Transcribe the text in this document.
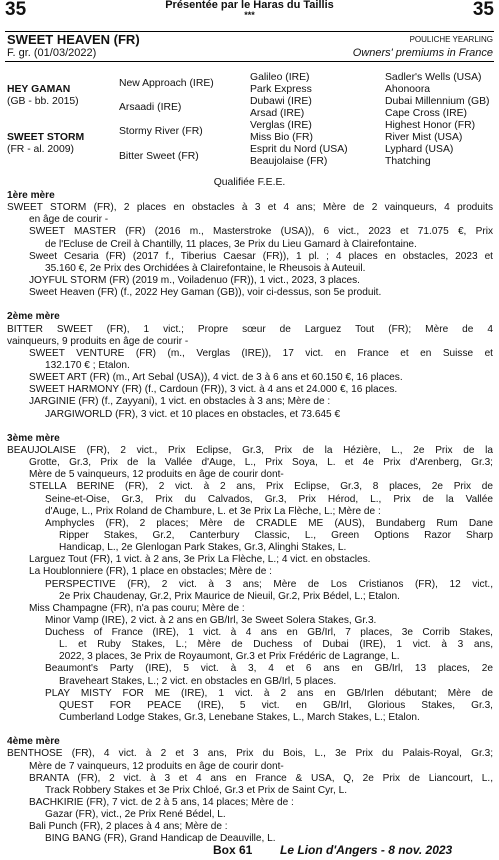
35	35
Présentée par le Haras du Taillis
***
SWEET HEAVEN (FR)
F. gr. (01/03/2022)
POULICHE YEARLING
Owners' premiums in France
HEY GAMAN
(GB - bb. 2015)
SWEET STORM
(FR - al. 2009)
New Approach (IRE)
Arsaadi (IRE)
Stormy River (FR)
Bitter Sweet (FR)
Galileo (IRE)
Park Express
Dubawi (IRE)
Arsad (IRE)
Verglas (IRE)
Miss Bio (FR)
Esprit du Nord (USA)
Beaujolaise (FR)
Sadler's Wells (USA)
Ahonoora
Dubai Millennium (GB)
Cape Cross (IRE)
Highest Honor (FR)
River Mist (USA)
Lyphard (USA)
Thatching
Qualifiée F.E.E.
1ère mère
SWEET STORM (FR), 2 places en obstacles à 3 et 4 ans; Mère de 2 vainqueurs, 4 produits
en âge de courir -
SWEET MASTER (FR) (2016 m., Masterstroke (USA)), 6 vict., 2023 et 71.075 €, Prix
de l'Ecluse de Creil à Chantilly, 11 places, 3e Prix du Lieu Gamard à Clairefontaine.
Sweet Cesaria (FR) (2017 f., Tiberius Caesar (FR)), 1 pl. ; 4 places en obstacles, 2023 et
35.160 €, 2e Prix des Orchidées à Clairefontaine, le Rheusois à Auteuil.
JOYFUL STORM (FR) (2019 m., Voiladenuo (FR)), 1 vict., 2023, 3 places.
Sweet Heaven (FR) (f., 2022 Hey Gaman (GB)), voir ci-dessus, son 5e produit.
2ème mère
BITTER SWEET (FR), 1 vict.; Propre sœur de Larguez Tout (FR); Mère de 4
vainqueurs, 9 produits en âge de courir -
SWEET VENTURE (FR) (m., Verglas (IRE)), 17 vict. en France et en Suisse et
132.170 € ; Etalon.
SWEET ART (FR) (m., Art Sebal (USA)), 4 vict. de 3 à 6 ans et 60.150 €, 16 places.
SWEET HARMONY (FR) (f., Cardoun (FR)), 3 vict. à 4 ans et 24.000 €, 16 places.
JARGINIE (FR) (f., Zayyani), 1 vict. en obstacles à 3 ans; Mère de :
JARGIWORLD (FR), 3 vict. et 10 places en obstacles, et 73.645 €
3ème mère
BEAUJOLAISE (FR), 2 vict., Prix Eclipse, Gr.3, Prix de la Hézière, L., 2e Prix de la
Grotte, Gr.3, Prix de la Vallée d'Auge, L., Prix Soya, L. et 4e Prix d'Arenberg, Gr.3;
Mère de 5 vainqueurs, 12 produits en âge de courir dont-
STELLA BERINE (FR), 2 vict. à 2 ans, Prix Eclipse, Gr.3, 8 places, 2e Prix de
Seine-et-Oise, Gr.3, Prix du Calvados, Gr.3, Prix Hérod, L., Prix de la Vallée
d'Auge, L., Prix Roland de Chambure, L. et 3e Prix La Flèche, L.; Mère de :
Amphycles (FR), 2 places; Mère de CRADLE ME (AUS), Bundaberg Rum Dane
Ripper Stakes, Gr.2, Canterbury Classic, L., Green Options Razor Sharp
Handicap, L., 2e Glenlogan Park Stakes, Gr.3, Alinghi Stakes, L.
Larguez Tout (FR), 1 vict. à 2 ans, 3e Prix La Flèche, L.; 4 vict. en obstacles.
La Houblonniere (FR), 1 place en obstacles; Mère de :
PERSPECTIVE (FR), 2 vict. à 3 ans; Mère de Los Cristianos (FR), 12 vict.,
2e Prix Chaudenay, Gr.2, Prix Maurice de Nieuil, Gr.2, Prix Bédel, L.; Etalon.
Miss Champagne (FR), n'a pas couru; Mère de :
Minor Vamp (IRE), 2 vict. à 2 ans en GB/Irl, 3e Sweet Solera Stakes, Gr.3.
Duchess of France (IRE), 1 vict. à 4 ans en GB/Irl, 7 places, 3e Corrib Stakes,
L. et Ruby Stakes, L.; Mère de Duchess of Dubai (IRE), 1 vict. à 3 ans,
2022, 3 places, 3e Prix de Royaumont, Gr.3 et Prix Frédéric de Lagrange, L.
Beaumont's Party (IRE), 5 vict. à 3, 4 et 6 ans en GB/Irl, 13 places, 2e
Braveheart Stakes, L.; 2 vict. en obstacles en GB/Irl, 5 places.
PLAY MISTY FOR ME (IRE), 1 vict. à 2 ans en GB/Irlen débutant; Mère de
QUEST FOR PEACE (IRE), 5 vict. en GB/Irl, Glorious Stakes, Gr.3,
Cumberland Lodge Stakes, Gr.3, Lenebane Stakes, L., March Stakes, L.; Etalon.
4ème mère
BENTHOSE (FR), 4 vict. à 2 et 3 ans, Prix du Bois, L., 3e Prix du Palais-Royal, Gr.3;
Mère de 7 vainqueurs, 12 produits en âge de courir dont-
BRANTA (FR), 2 vict. à 3 et 4 ans en France & USA, Q, 2e Prix de Liancourt, L.,
Track Robbery Stakes et 3e Prix Chloé, Gr.3 et Prix de Saint Cyr, L.
BACHKIRIE (FR), 7 vict. de 2 à 5 ans, 14 places; Mère de :
Gazar (FR), vict., 2e Prix René Bédel, L.
Bali Punch (FR), 2 places à 4 ans; Mère de :
BING BANG (FR), Grand Handicap de Deauville, L.
Box 61 Le Lion d'Angers - 8 nov. 2023
